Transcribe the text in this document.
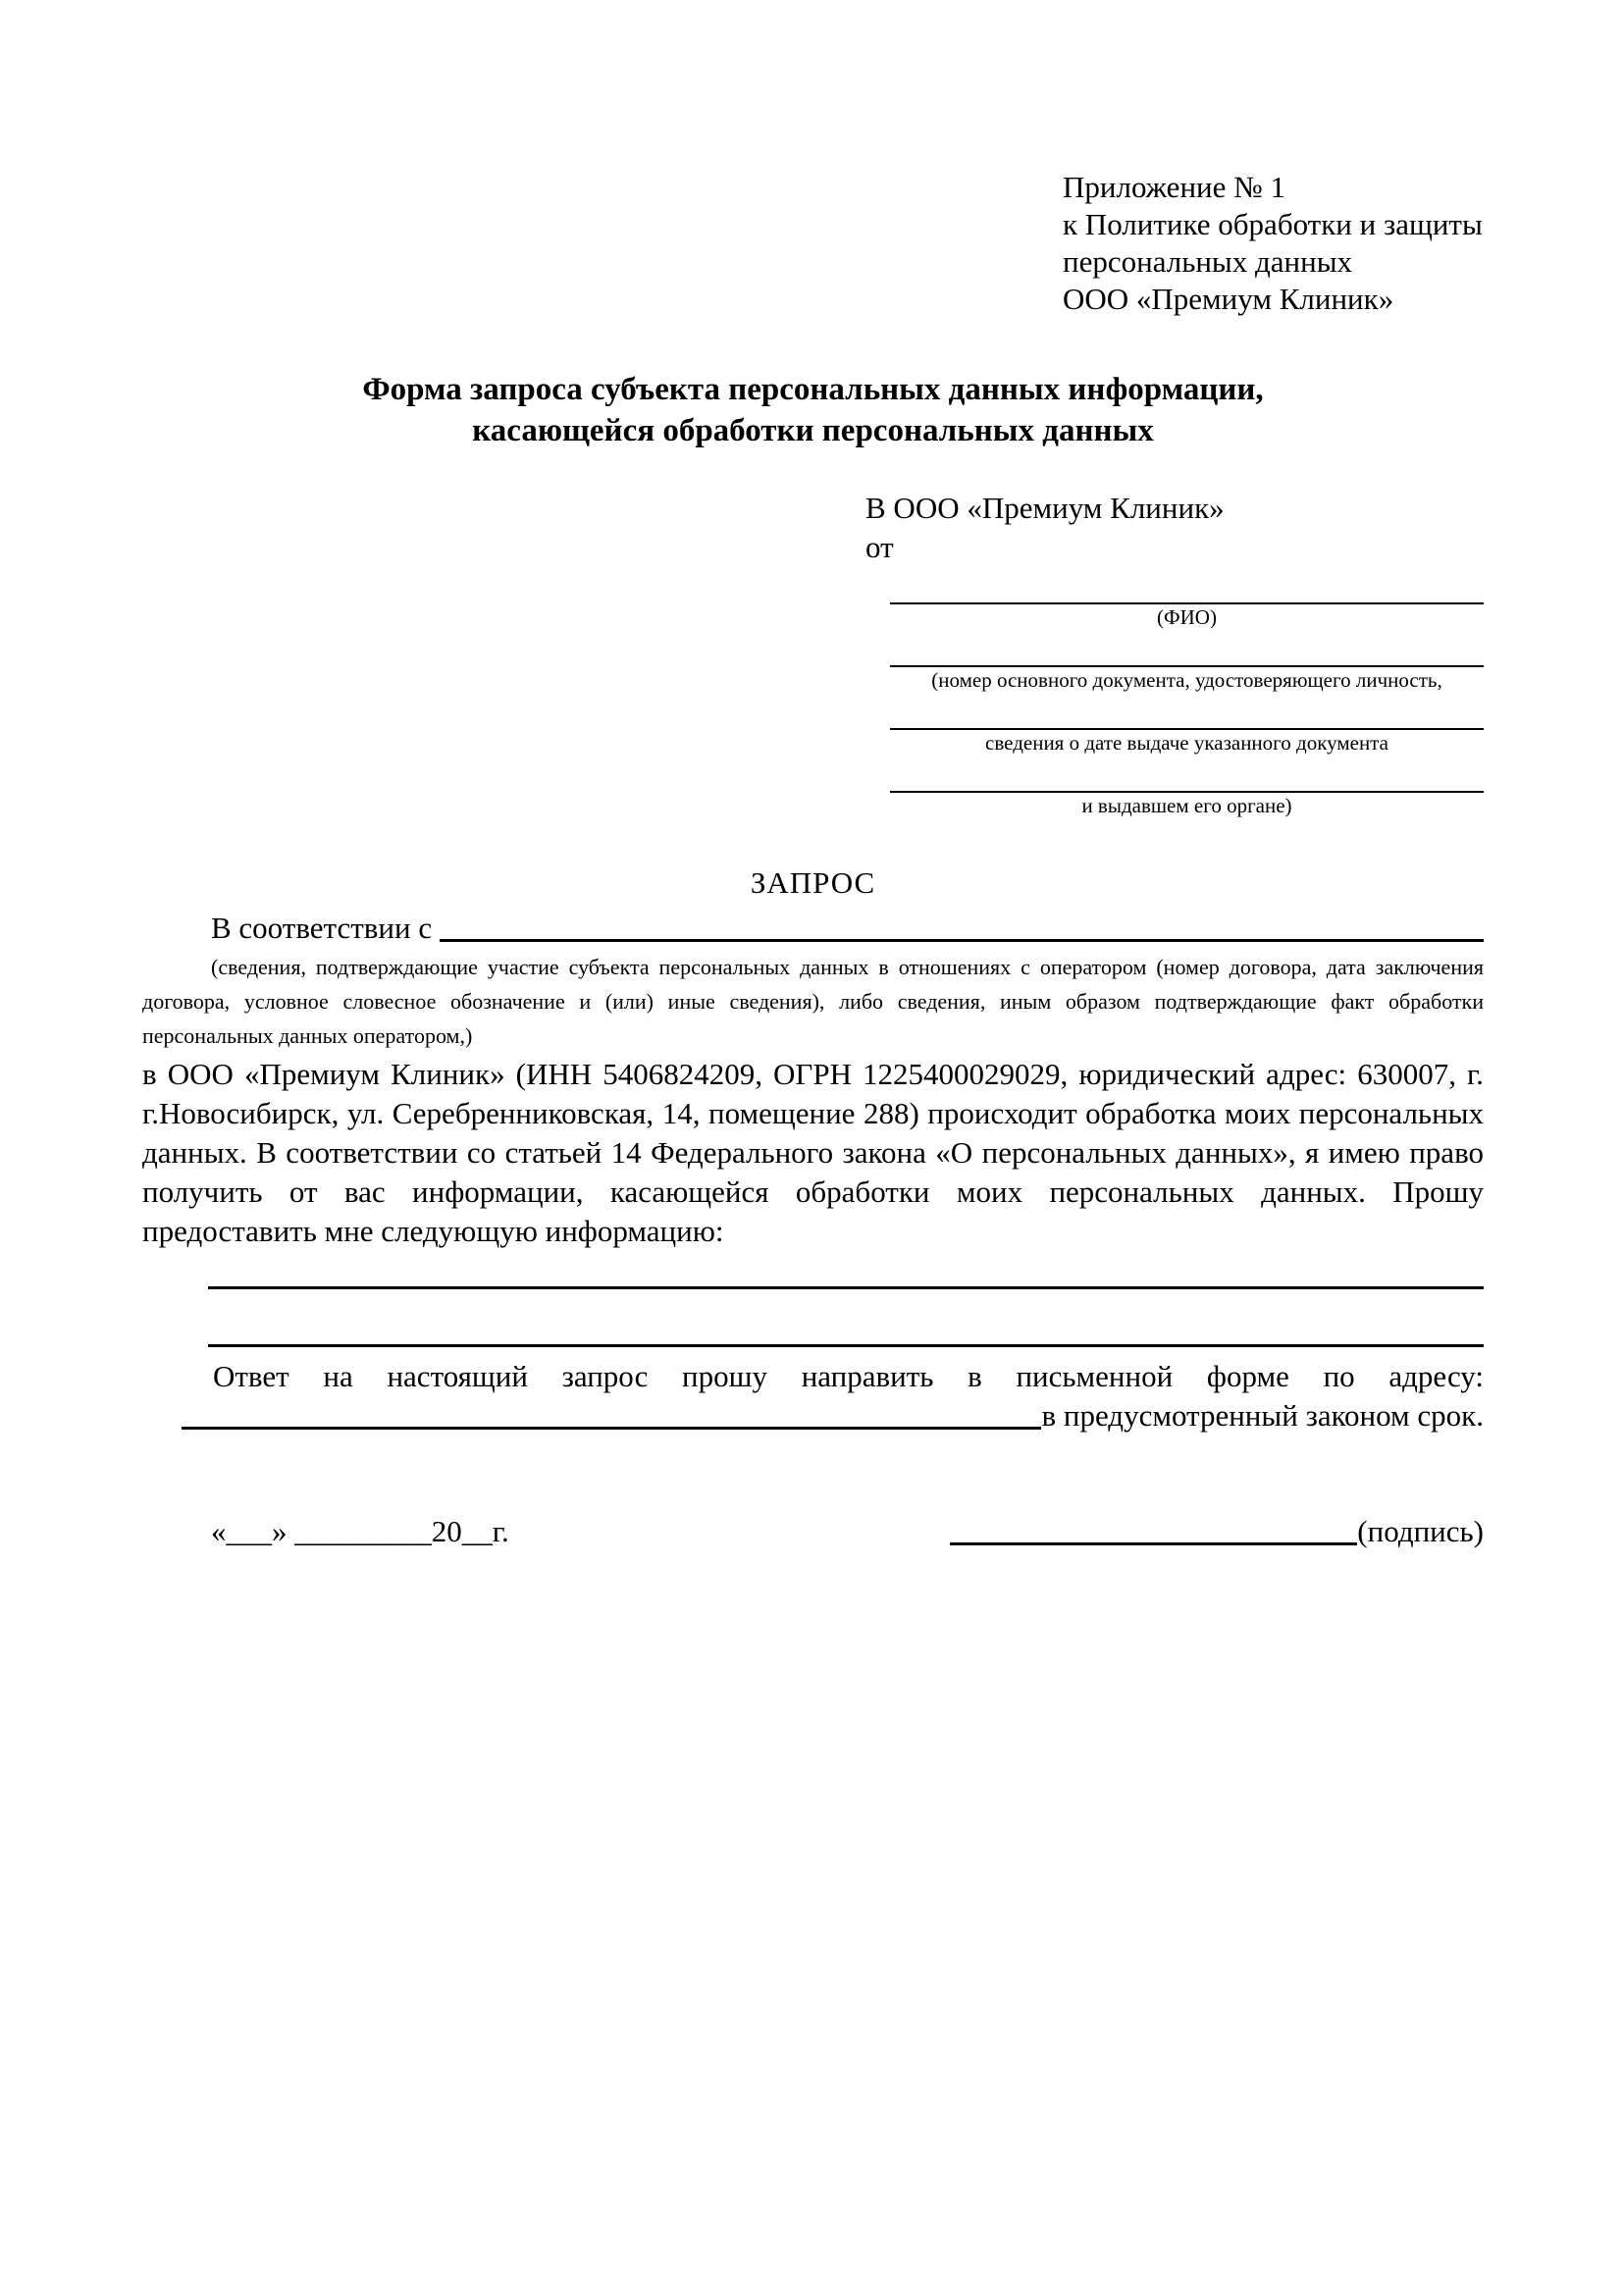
Приложение № 1
к Политике обработки и защиты
персональных данных
ООО «Премиум Клиник»
Форма запроса субъекта персональных данных информации,
касающейся обработки персональных данных
В ООО «Премиум Клиник»
от
(ФИО)
(номер основного документа, удостоверяющего личность,
сведения о дате выдаче указанного документа
и выдавшем его органе)
ЗАПРОС
В соответствии с
(сведения, подтверждающие участие субъекта персональных данных в отношениях с оператором (номер договора, дата заключения договора, условное словесное обозначение и (или) иные сведения), либо сведения, иным образом подтверждающие факт обработки персональных данных оператором,)
в ООО «Премиум Клиник» (ИНН 5406824209, ОГРН 1225400029029, юридический адрес: 630007, г. г.Новосибирск, ул. Серебренниковская, 14, помещение 288) происходит обработка моих персональных данных. В соответствии со статьей 14 Федерального закона «О персональных данных», я имею право получить от вас информации, касающейся обработки моих персональных данных. Прошу предоставить мне следующую информацию:
Ответ на настоящий запрос прошу направить в письменной форме по адресу:
в предусмотренный законом срок.
«___» _________20__г.	(подпись)
